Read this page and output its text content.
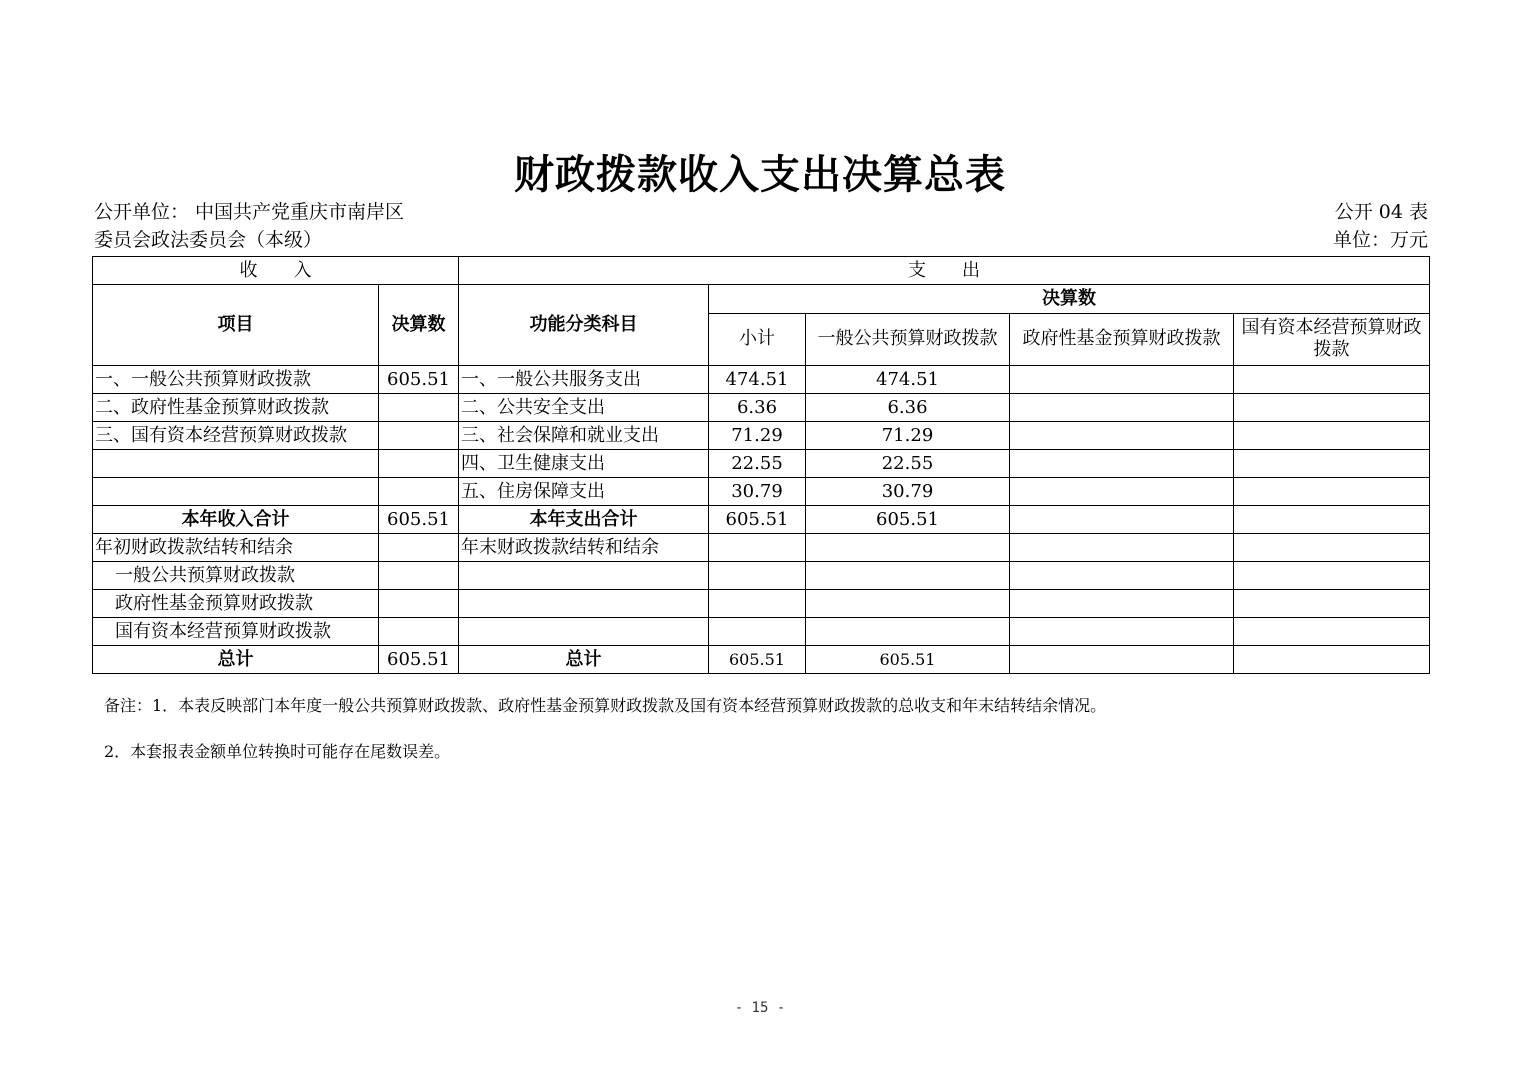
财政拨款收入支出决算总表
公开单位： 中国共产党重庆市南岸区
委员会政法委员会（本级）
公开 04 表
单位：万元
收　　入		支　　出				
项目	决算数	功能分类科目	决算数			
			小计	一般公共预算财政拨款	政府性基金预算财政拨款	国有资本经营预算财政拨款
一、一般公共预算财政拨款	605.51	一、一般公共服务支出	474.51	474.51		
二、政府性基金预算财政拨款		二、公共安全支出	6.36	6.36		
三、国有资本经营预算财政拨款		三、社会保障和就业支出	71.29	71.29		
		四、卫生健康支出	22.55	22.55		
		五、住房保障支出	30.79	30.79		
本年收入合计	605.51	本年支出合计	605.51	605.51		
年初财政拨款结转和结余		年末财政拨款结转和结余				
一般公共预算财政拨款						
政府性基金预算财政拨款						
国有资本经营预算财政拨款						
总计	605.51	总计	605.51	605.51		
备注：1．本表反映部门本年度一般公共预算财政拨款、政府性基金预算财政拨款及国有资本经营预算财政拨款的总收支和年末结转结余情况。
2．本套报表金额单位转换时可能存在尾数误差。
- 15 -
